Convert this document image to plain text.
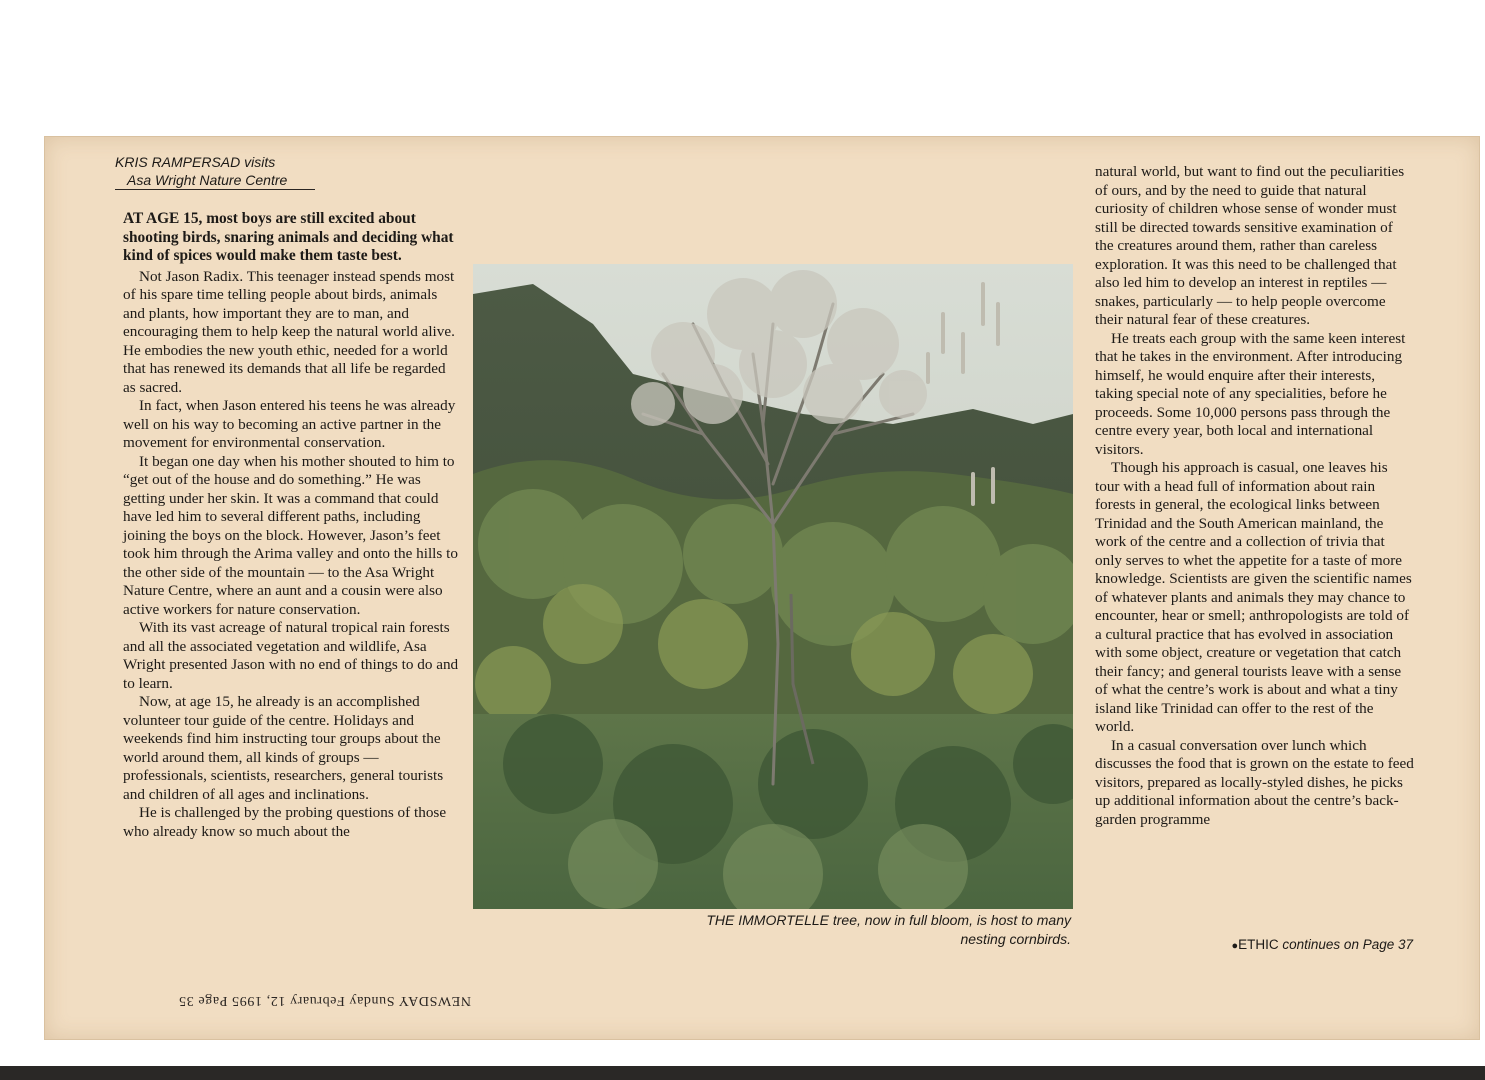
KRIS RAMPERSAD visits
Asa Wright Nature Centre
AT AGE 15, most boys are still excited about shooting birds, snaring animals and deciding what kind of spices would make them taste best.

Not Jason Radix. This teenager instead spends most of his spare time telling people about birds, animals and plants, how important they are to man, and encouraging them to help keep the natural world alive. He embodies the new youth ethic, needed for a world that has renewed its demands that all life be regarded as sacred.

In fact, when Jason entered his teens he was already well on his way to becoming an active partner in the movement for environmental conservation.

It began one day when his mother shouted to him to “get out of the house and do something.” He was getting under her skin. It was a command that could have led him to several different paths, including joining the boys on the block. However, Jason’s feet took him through the Arima valley and onto the hills to the other side of the mountain — to the Asa Wright Nature Centre, where an aunt and a cousin were also active workers for nature conservation.

With its vast acreage of natural tropical rain forests and all the associated vegetation and wildlife, Asa Wright presented Jason with no end of things to do and to learn.

Now, at age 15, he already is an accomplished volunteer tour guide of the centre. Holidays and weekends find him instructing tour groups about the world around them, all kinds of groups — professionals, scientists, researchers, general tourists and children of all ages and inclinations.

He is challenged by the probing questions of those who already know so much about the

THE IMMORTELLE tree, now in full bloom, is host to many nesting cornbirds.

natural world, but want to find out the peculiarities of ours, and by the need to guide that natural curiosity of children whose sense of wonder must still be directed towards sensitive examination of the creatures around them, rather than careless exploration. It was this need to be challenged that also led him to develop an interest in reptiles — snakes, particularly — to help people overcome their natural fear of these creatures.

He treats each group with the same keen interest that he takes in the environment. After introducing himself, he would enquire after their interests, taking special note of any specialities, before he proceeds. Some 10,000 persons pass through the centre every year, both local and international visitors.

Though his approach is casual, one leaves his tour with a head full of information about rain forests in general, the ecological links between Trinidad and the South American mainland, the work of the centre and a collection of trivia that only serves to whet the appetite for a taste of more knowledge. Scientists are given the scientific names of whatever plants and animals they may chance to encounter, hear or smell; anthropologists are told of a cultural practice that has evolved in association with some object, creature or vegetation that catch their fancy; and general tourists leave with a sense of what the centre’s work is about and what a tiny island like Trinidad can offer to the rest of the world.

In a casual conversation over lunch which discusses the food that is grown on the estate to feed visitors, prepared as locally-styled dishes, he picks up additional information about the centre’s back-garden programme

●ETHIC continues on Page 37
NEWSDAY Sunday February 12, 1995 Page 35
